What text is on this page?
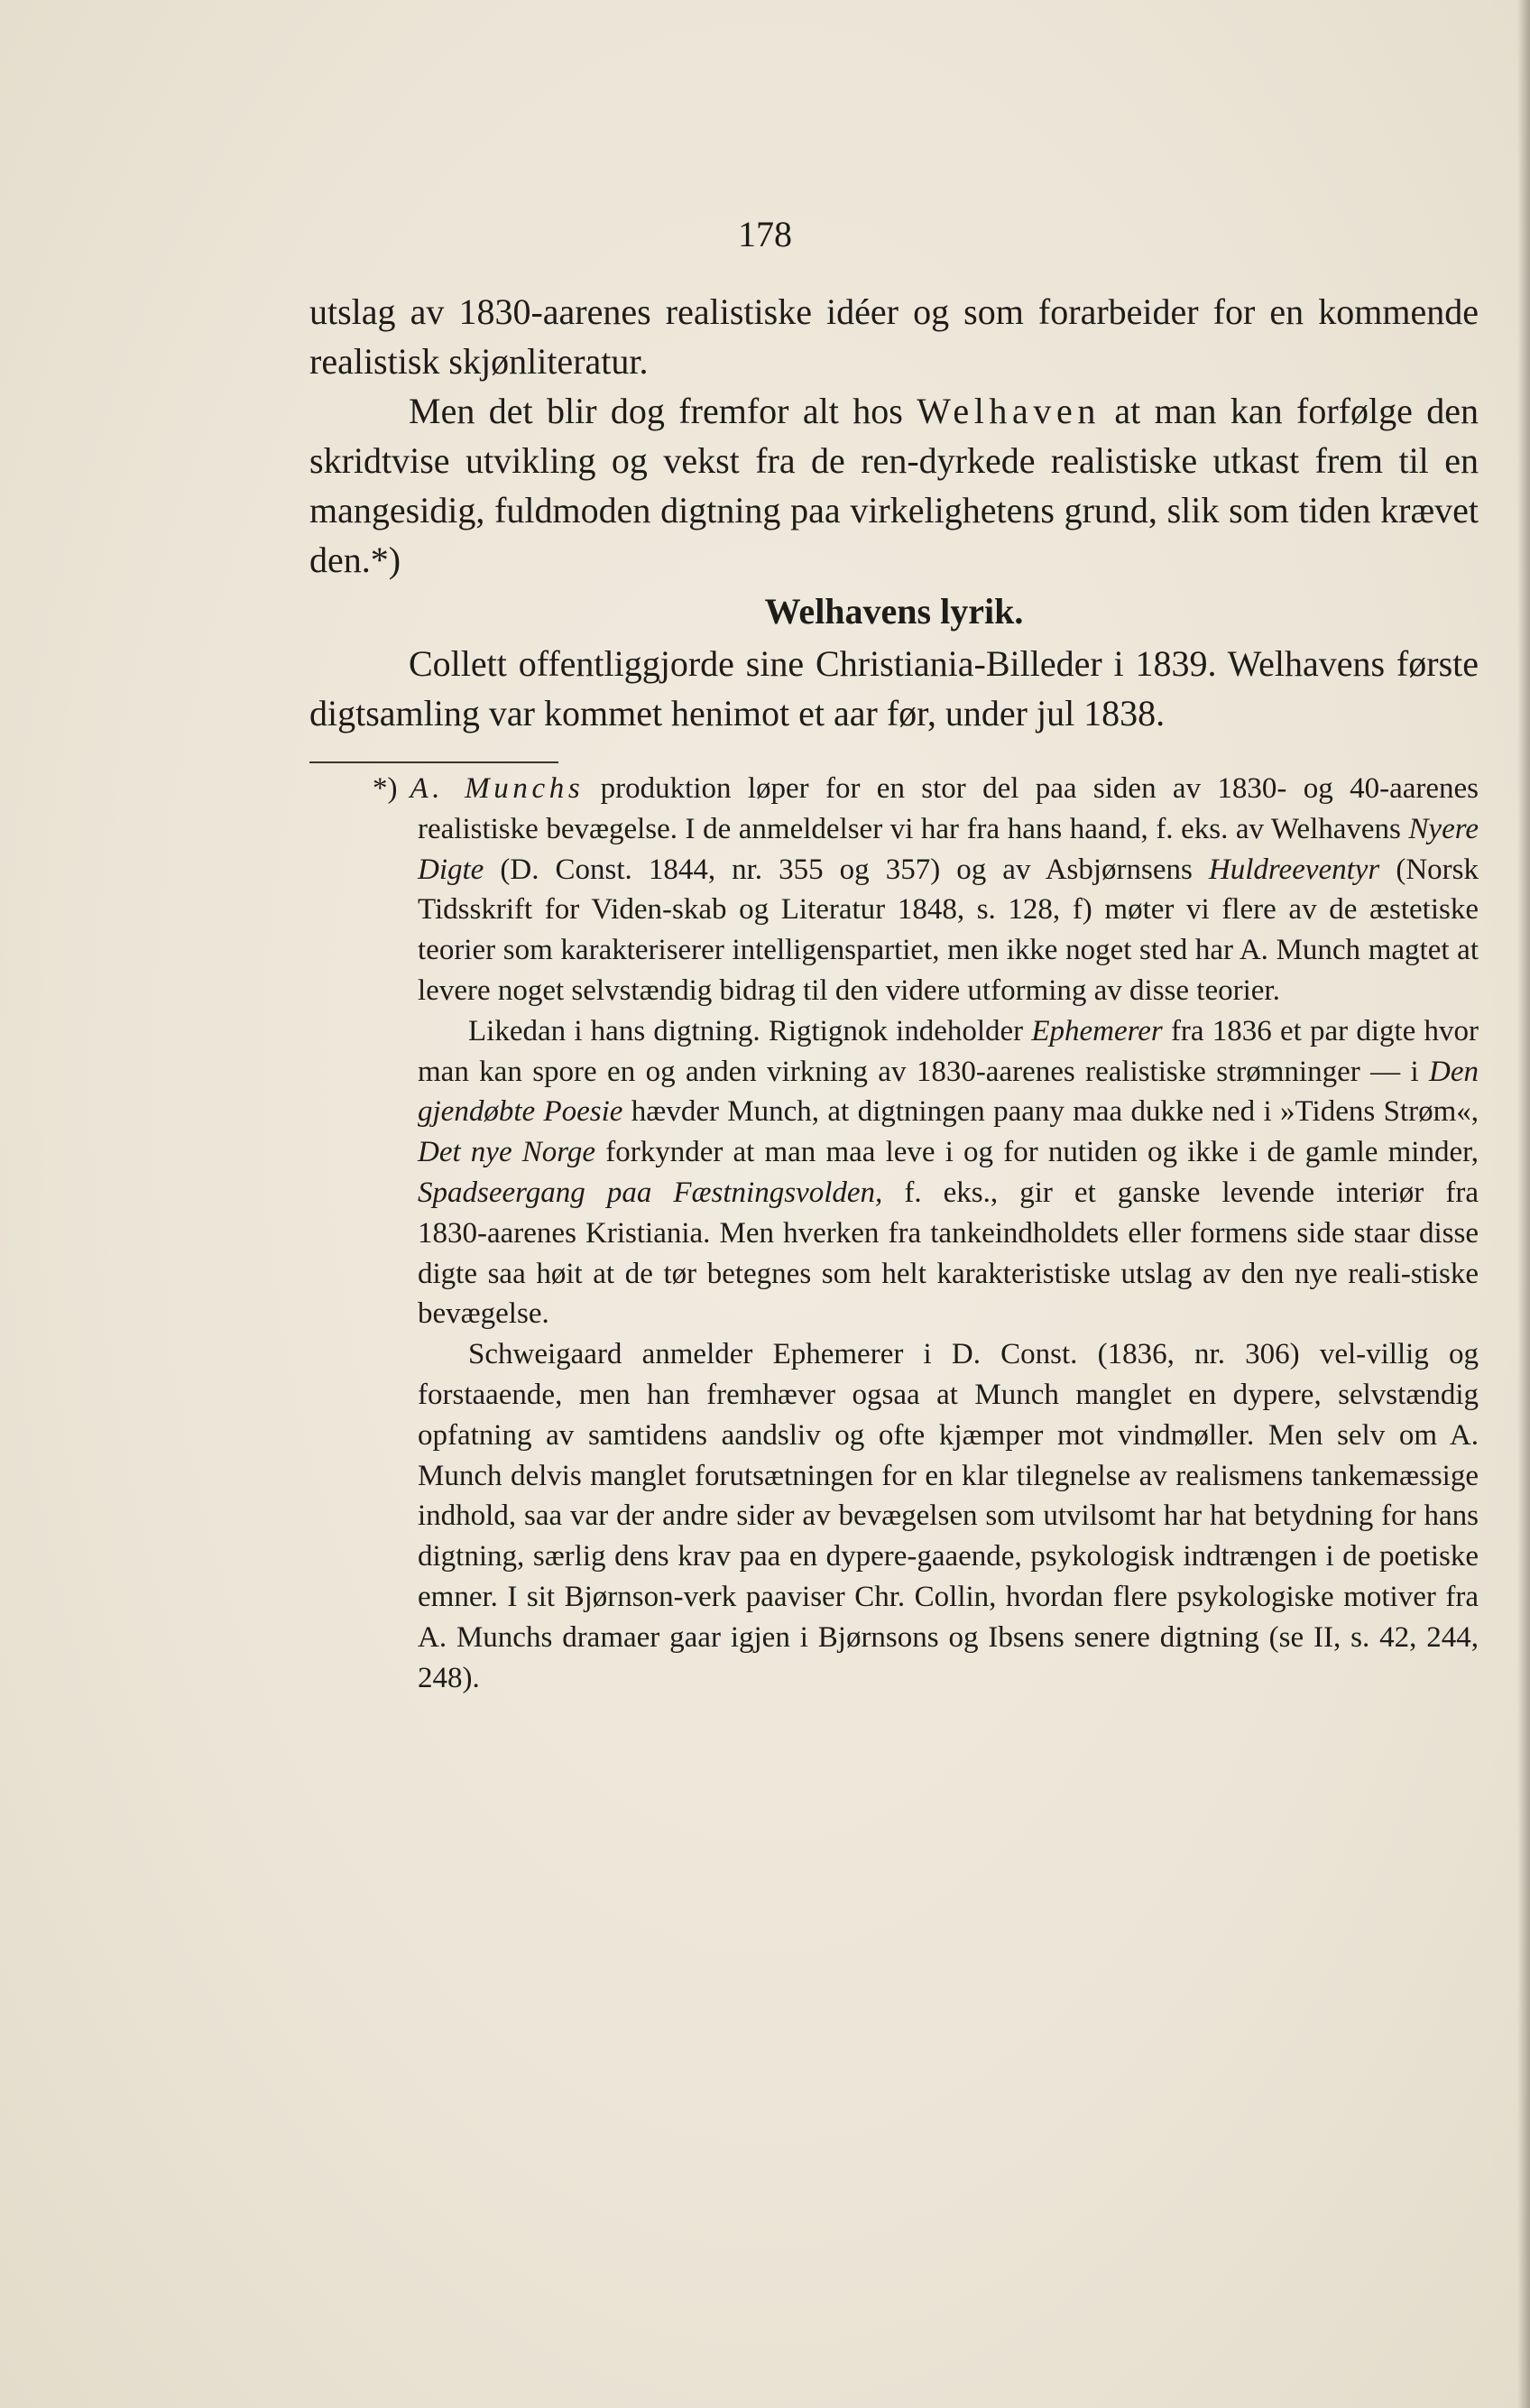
178

utslag av 1830‑aarenes realistiske idéer og som forarbeider for en kommende realistisk skjønliteratur.

Men det blir dog fremfor alt hos Welhaven at man kan forfølge den skridtvise utvikling og vekst fra de ren‑dyrkede realistiske utkast frem til en mangesidig, fuldmoden digtning paa virkelighetens grund, slik som tiden krævet den.*)

Welhavens lyrik.

Collett offentliggjorde sine Christiania‑Billeder i 1839. Welhavens første digtsamling var kommet henimot et aar før, under jul 1838.

*) A. Munchs produktion løper for en stor del paa siden av 1830‑ og 40‑aarenes realistiske bevægelse. I de anmeldelser vi har fra hans haand, f. eks. av Welhavens Nyere Digte (D. Const. 1844, nr. 355 og 357) og av Asbjørnsens Huldreeventyr (Norsk Tidsskrift for Viden‑skab og Literatur 1848, s. 128, f) møter vi flere av de æstetiske teorier som karakteriserer intelligenspartiet, men ikke noget sted har A. Munch magtet at levere noget selvstændig bidrag til den videre utforming av disse teorier.

Likedan i hans digtning. Rigtignok indeholder Ephemerer fra 1836 et par digte hvor man kan spore en og anden virkning av 1830‑aarenes realistiske strømninger — i Den gjendøbte Poesie hævder Munch, at digtningen paany maa dukke ned i »Tidens Strøm«, Det nye Norge forkynder at man maa leve i og for nutiden og ikke i de gamle minder, Spadseergang paa Fæstningsvolden, f. eks., gir et ganske levende interiør fra 1830‑aarenes Kristiania. Men hverken fra tankeindholdets eller formens side staar disse digte saa høit at de tør betegnes som helt karakteristiske utslag av den nye reali‑stiske bevægelse.

Schweigaard anmelder Ephemerer i D. Const. (1836, nr. 306) vel‑villig og forstaaende, men han fremhæver ogsaa at Munch manglet en dypere, selvstændig opfatning av samtidens aandsliv og ofte kjæmper mot vindmøller. Men selv om A. Munch delvis manglet forutsætningen for en klar tilegnelse av realismens tankemæssige indhold, saa var der andre sider av bevægelsen som utvilsomt har hat betydning for hans digtning, særlig dens krav paa en dypere‑gaaende, psykologisk indtrængen i de poetiske emner. I sit Bjørnson‑verk paaviser Chr. Collin, hvordan flere psykologiske motiver fra A. Munchs dramaer gaar igjen i Bjørnsons og Ibsens senere digtning (se II, s. 42, 244, 248).
